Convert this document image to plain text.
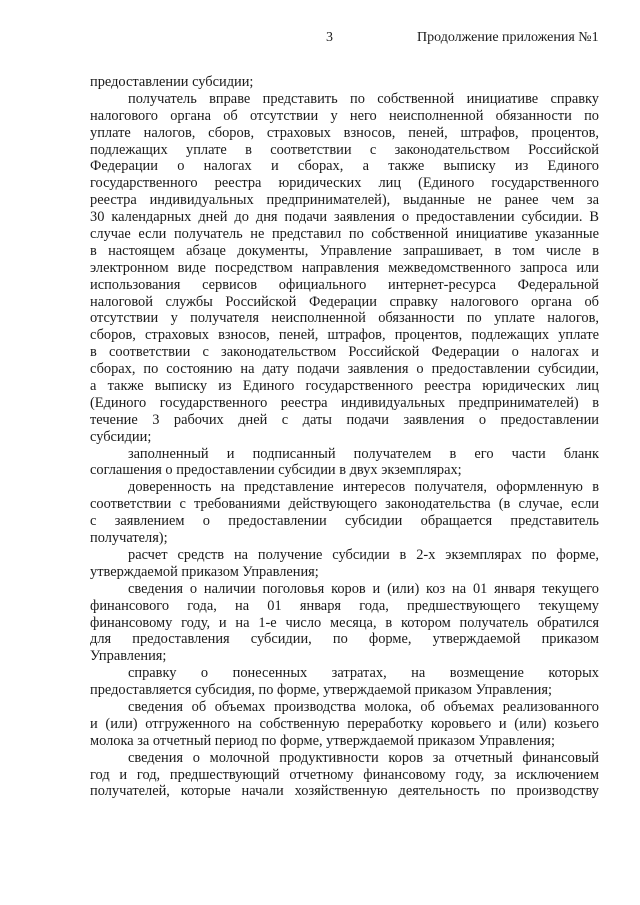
3	Продолжение приложения №1
предоставлении субсидии;
получатель вправе представить по собственной инициативе справку
налогового органа об отсутствии у него неисполненной обязанности по
уплате налогов, сборов, страховых взносов, пеней, штрафов, процентов,
подлежащих уплате в соответствии с законодательством Российской
Федерации о налогах и сборах, а также выписку из Единого
государственного реестра юридических лиц (Единого государственного
реестра индивидуальных предпринимателей), выданные не ранее чем за
30 календарных дней до дня подачи заявления о предоставлении субсидии. В
случае если получатель не представил по собственной инициативе указанные
в настоящем абзаце документы, Управление запрашивает, в том числе в
электронном виде посредством направления межведомственного запроса или
использования сервисов официального интернет-ресурса Федеральной
налоговой службы Российской Федерации справку налогового органа об
отсутствии у получателя неисполненной обязанности по уплате налогов,
сборов, страховых взносов, пеней, штрафов, процентов, подлежащих уплате
в соответствии с законодательством Российской Федерации о налогах и
сборах, по состоянию на дату подачи заявления о предоставлении субсидии,
а также выписку из Единого государственного реестра юридических лиц
(Единого государственного реестра индивидуальных предпринимателей) в
течение 3 рабочих дней с даты подачи заявления о предоставлении
субсидии;
заполненный и подписанный получателем в его части бланк
соглашения о предоставлении субсидии в двух экземплярах;
доверенность на представление интересов получателя, оформленную в
соответствии с требованиями действующего законодательства (в случае, если
с заявлением о предоставлении субсидии обращается представитель
получателя);
расчет средств на получение субсидии в 2-х экземплярах по форме,
утверждаемой приказом Управления;
сведения о наличии поголовья коров и (или) коз на 01 января текущего
финансового года, на 01 января года, предшествующего текущему
финансовому году, и на 1-е число месяца, в котором получатель обратился
для предоставления субсидии, по форме, утверждаемой приказом
Управления;
справку о понесенных затратах, на возмещение которых
предоставляется субсидия, по форме, утверждаемой приказом Управления;
сведения об объемах производства молока, об объемах реализованного
и (или) отгруженного на собственную переработку коровьего и (или) козьего
молока за отчетный период по форме, утверждаемой приказом Управления;
сведения о молочной продуктивности коров за отчетный финансовый
год и год, предшествующий отчетному финансовому году, за исключением
получателей, которые начали хозяйственную деятельность по производству
